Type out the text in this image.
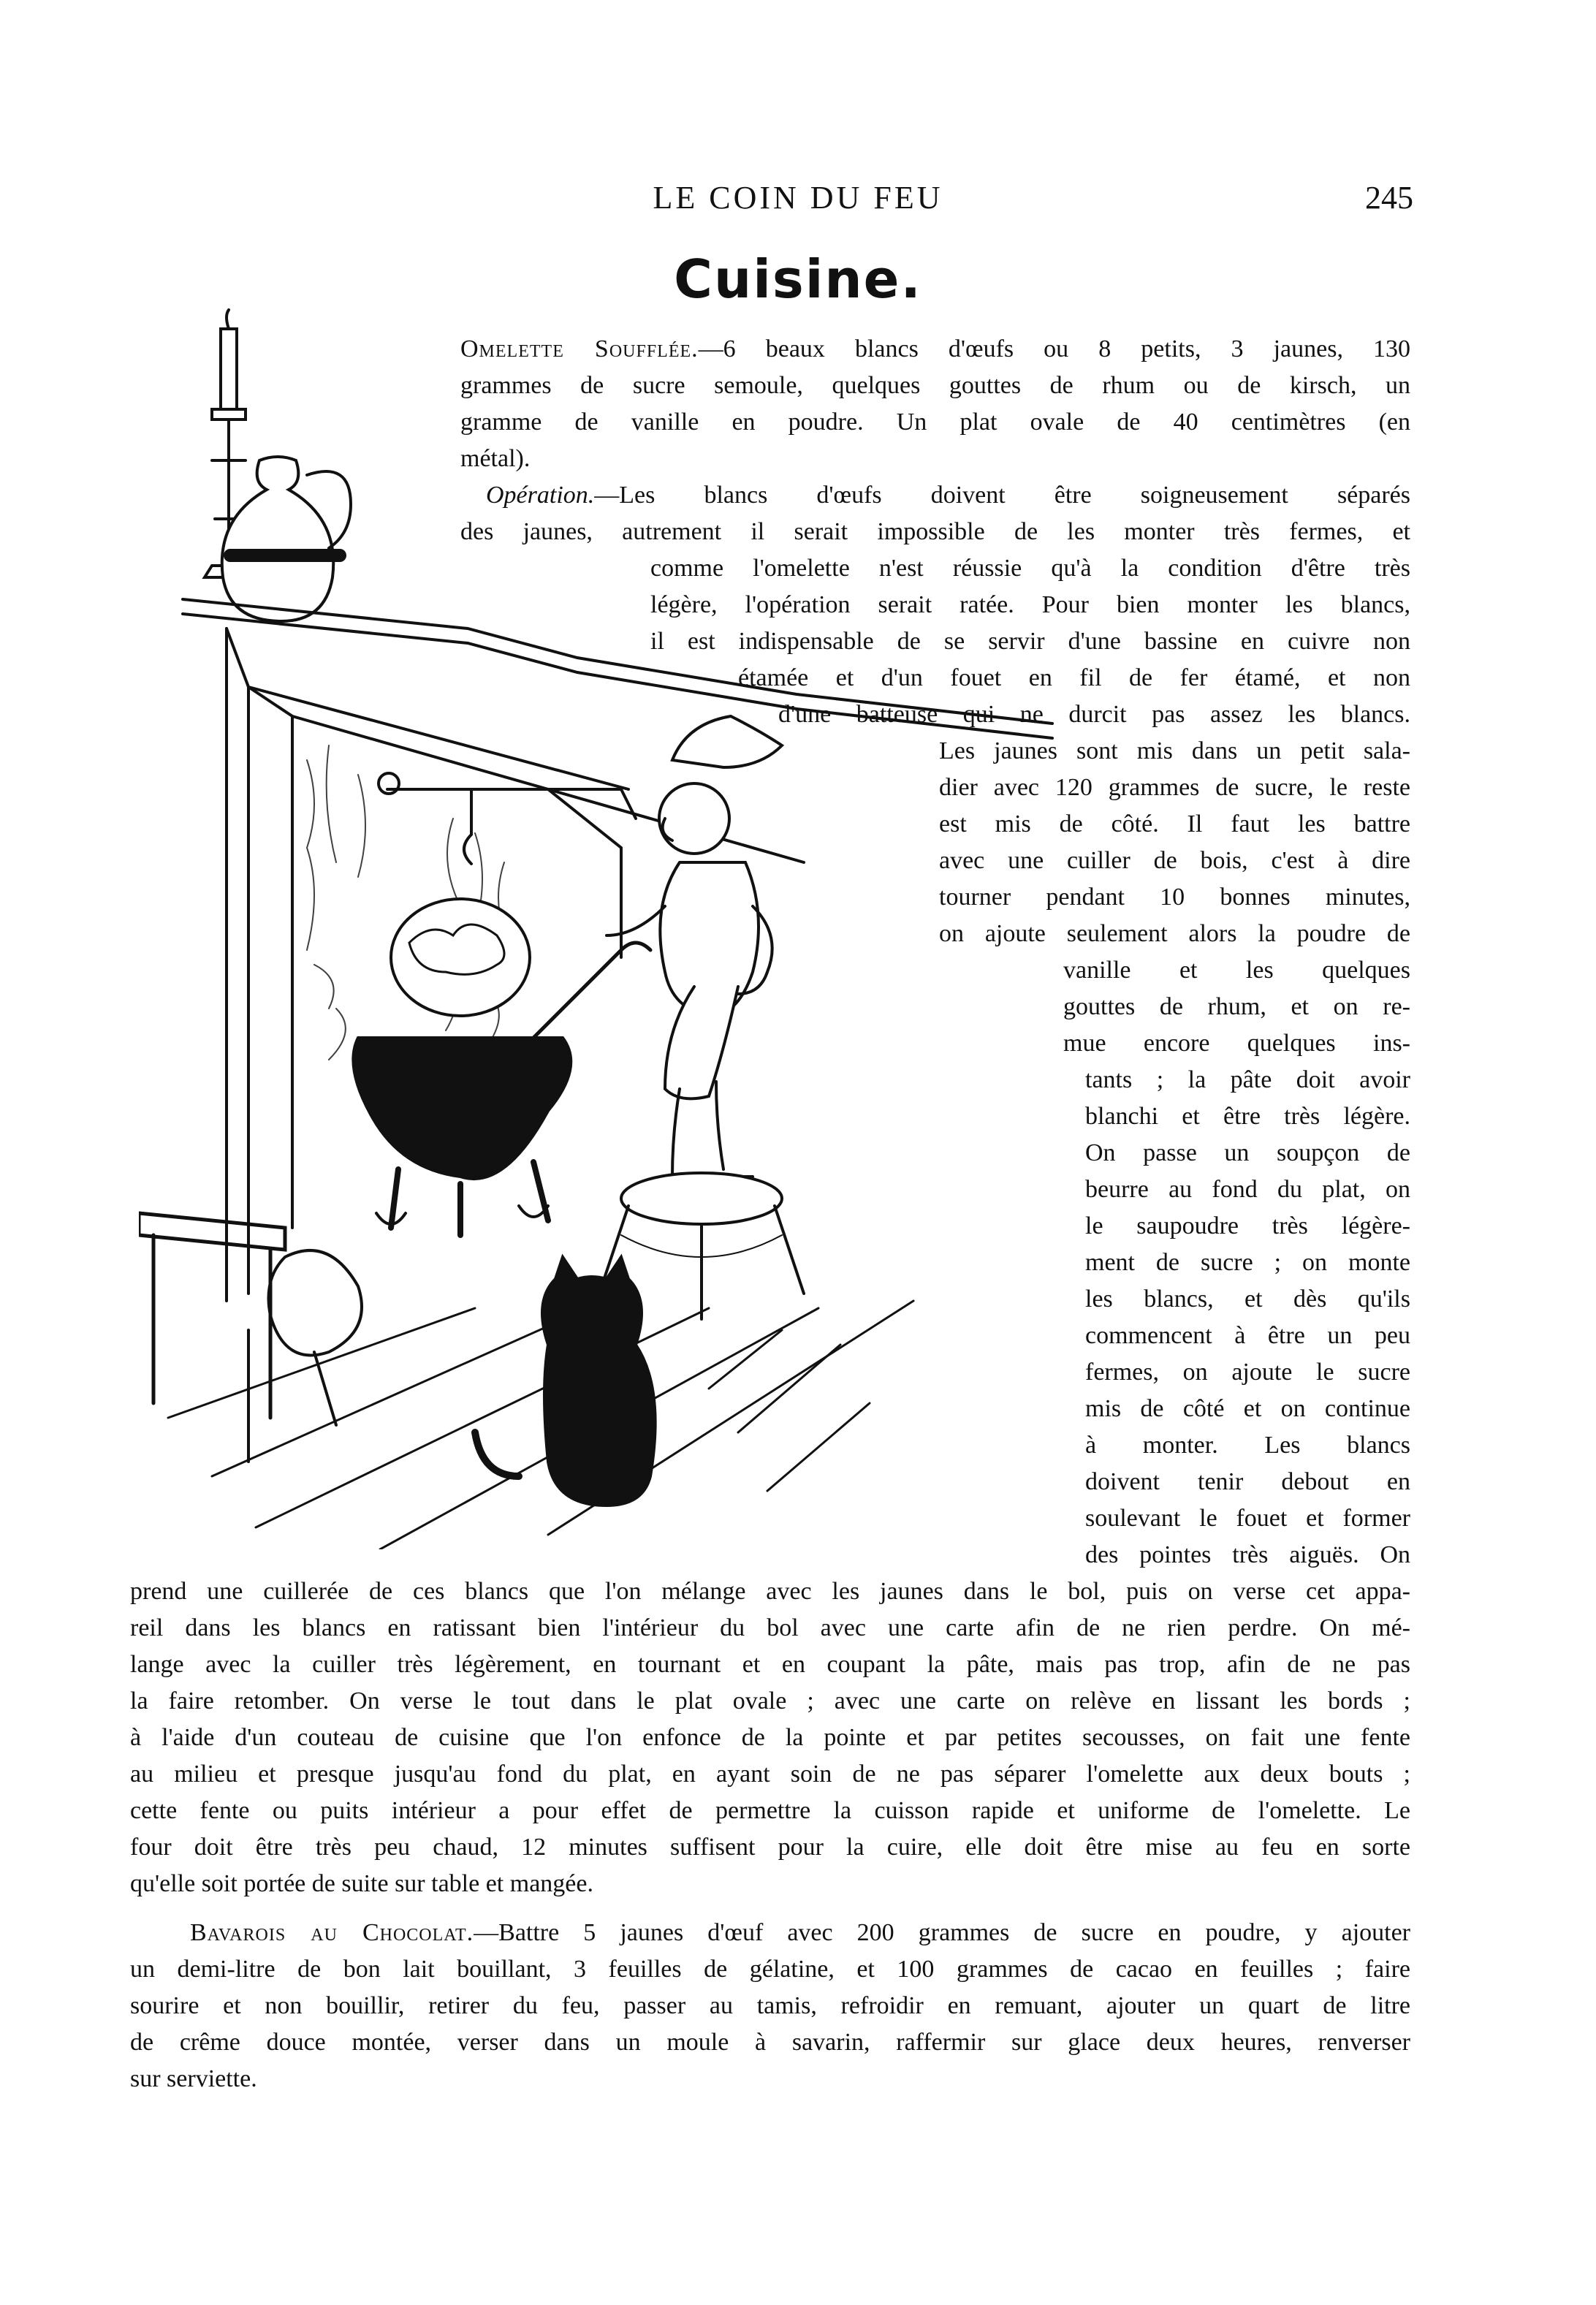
LE COIN DU FEU	245
Cuisine.
Omelette Soufflée.—6 beaux blancs d'œufs ou 8 petits, 3 jaunes, 130
grammes de sucre semoule, quelques gouttes de rhum ou de kirsch, un
gramme de vanille en poudre. Un plat ovale de 40 centimètres (en
métal).
Opération.—Les blancs d'œufs doivent être soigneusement séparés
des jaunes, autrement il serait impossible de les monter très fermes, et
comme l'omelette n'est réussie qu'à la condition d'être très
légère, l'opération serait ratée. Pour bien monter les blancs,
il est indispensable de se servir d'une bassine en cuivre non
étamée et d'un fouet en fil de fer étamé, et non
d'une batteuse qui ne durcit pas assez les blancs.
Les jaunes sont mis dans un petit sala-
dier avec 120 grammes de sucre, le reste
est mis de côté. Il faut les battre
avec une cuiller de bois, c'est à dire
tourner pendant 10 bonnes minutes,
on ajoute seulement alors la poudre de
vanille et les quelques
gouttes de rhum, et on re-
mue encore quelques ins-
tants ; la pâte doit avoir
blanchi et être très légère.
On passe un soupçon de
beurre au fond du plat, on
le saupoudre très légère-
ment de sucre ; on monte
les blancs, et dès qu'ils
commencent à être un peu
fermes, on ajoute le sucre
mis de côté et on continue
à monter. Les blancs
doivent tenir debout en
soulevant le fouet et former
des pointes très aiguës. On
prend une cuillerée de ces blancs que l'on mélange avec les jaunes dans le bol, puis on verse cet appa-
reil dans les blancs en ratissant bien l'intérieur du bol avec une carte afin de ne rien perdre. On mé-
lange avec la cuiller très légèrement, en tournant et en coupant la pâte, mais pas trop, afin de ne pas
la faire retomber. On verse le tout dans le plat ovale ; avec une carte on relève en lissant les bords ;
à l'aide d'un couteau de cuisine que l'on enfonce de la pointe et par petites secousses, on fait une fente
au milieu et presque jusqu'au fond du plat, en ayant soin de ne pas séparer l'omelette aux deux bouts ;
cette fente ou puits intérieur a pour effet de permettre la cuisson rapide et uniforme de l'omelette. Le
four doit être très peu chaud, 12 minutes suffisent pour la cuire, elle doit être mise au feu en sorte
qu'elle soit portée de suite sur table et mangée.
Bavarois au Chocolat.—Battre 5 jaunes d'œuf avec 200 grammes de sucre en poudre, y ajouter
un demi-litre de bon lait bouillant, 3 feuilles de gélatine, et 100 grammes de cacao en feuilles ; faire
sourire et non bouillir, retirer du feu, passer au tamis, refroidir en remuant, ajouter un quart de litre
de crême douce montée, verser dans un moule à savarin, raffermir sur glace deux heures, renverser
sur serviette.
